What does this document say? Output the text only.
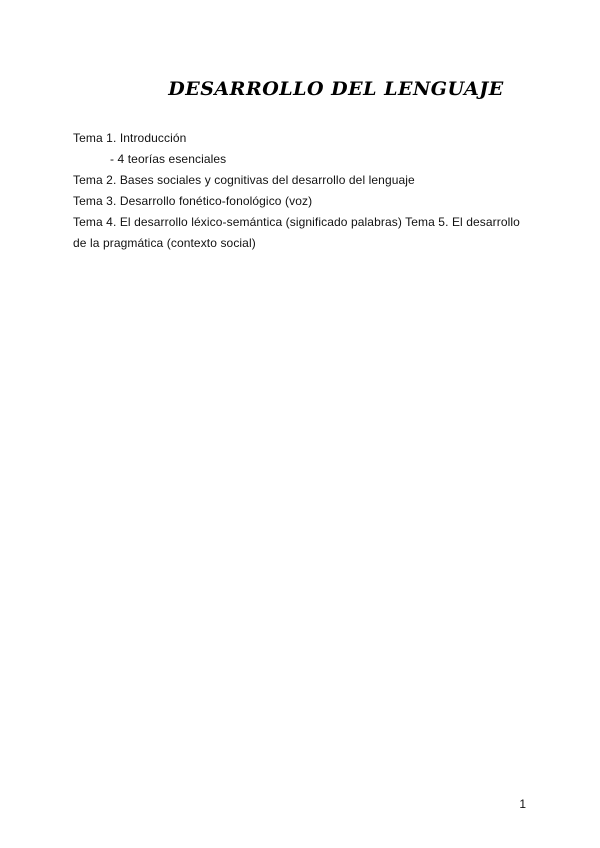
DESARROLLO DEL LENGUAJE
Tema 1. Introducción
- 4 teorías esenciales
Tema 2. Bases sociales y cognitivas del desarrollo del lenguaje
Tema 3. Desarrollo fonético-fonológico (voz)
Tema 4. El desarrollo léxico-semántica (significado palabras) Tema 5. El desarrollo de la pragmática (contexto social)
1
